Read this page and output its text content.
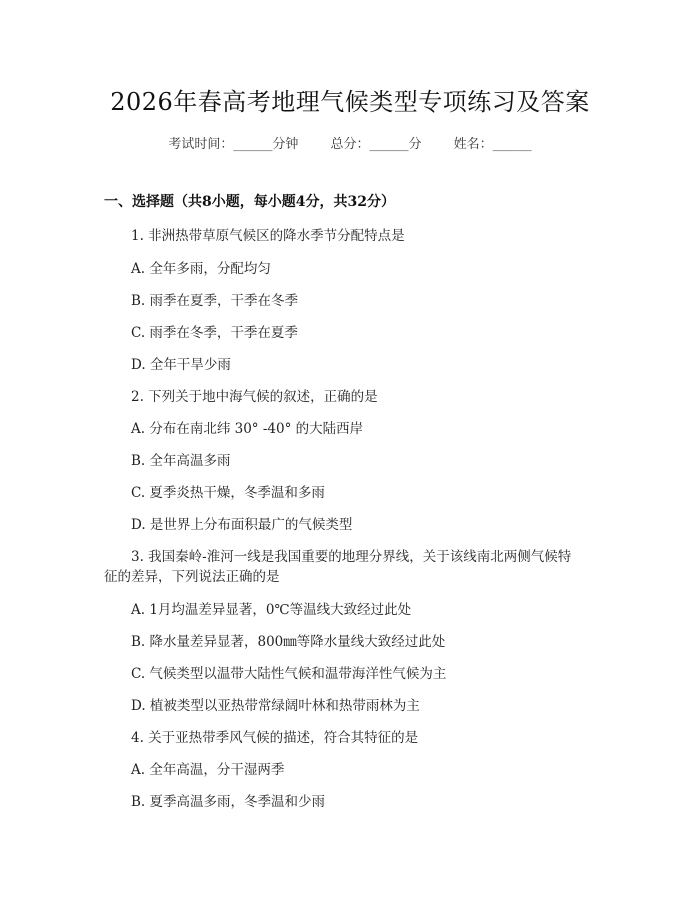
2026年春高考地理气候类型专项练习及答案
考试时间：______分钟 总分：______分 姓名：______
一、选择题（共8小题，每小题4分，共32分）
1. 非洲热带草原气候区的降水季节分配特点是
A. 全年多雨，分配均匀
B. 雨季在夏季，干季在冬季
C. 雨季在冬季，干季在夏季
D. 全年干旱少雨
2. 下列关于地中海气候的叙述，正确的是
A. 分布在南北纬 30° -40° 的大陆西岸
B. 全年高温多雨
C. 夏季炎热干燥，冬季温和多雨
D. 是世界上分布面积最广的气候类型
3. 我国秦岭-淮河一线是我国重要的地理分界线，关于该线南北两侧气候特
征的差异，下列说法正确的是
A. 1月均温差异显著，0℃等温线大致经过此处
B. 降水量差异显著，800㎜等降水量线大致经过此处
C. 气候类型以温带大陆性气候和温带海洋性气候为主
D. 植被类型以亚热带常绿阔叶林和热带雨林为主
4. 关于亚热带季风气候的描述，符合其特征的是
A. 全年高温，分干湿两季
B. 夏季高温多雨，冬季温和少雨
